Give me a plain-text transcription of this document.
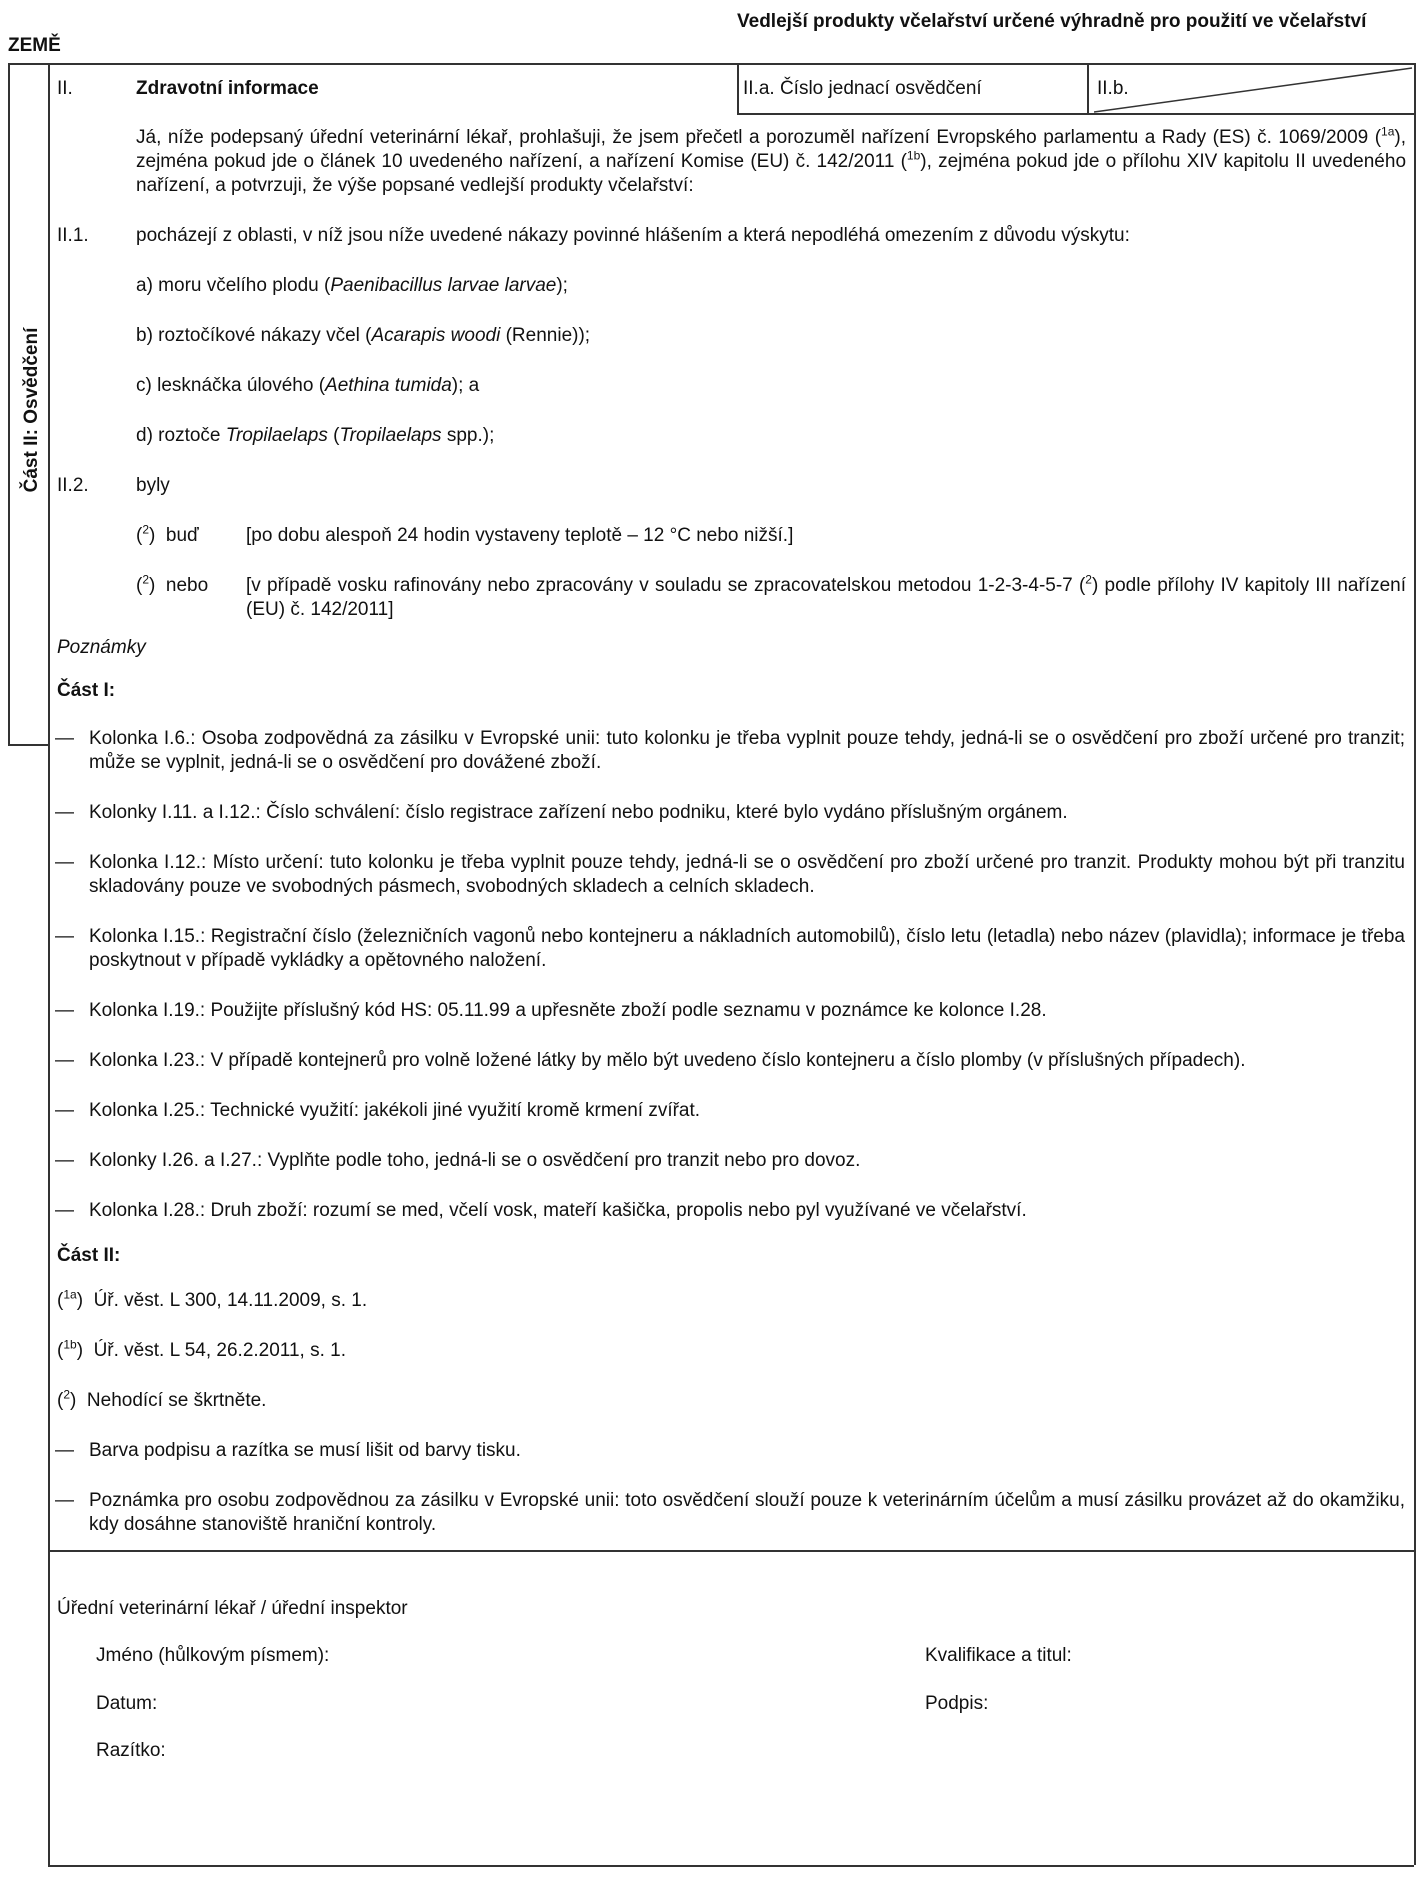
ZEMĚ
Vedlejší produkty včelařství určené výhradně pro použití ve včelařství
Část II: Osvědčení
II.	Zdravotní informace	II.a. Číslo jednací osvědčení	II.b.
Já, níže podepsaný úřední veterinární lékař, prohlašuji, že jsem přečetl a porozuměl nařízení Evropského parlamentu a Rady (ES) č. 1069/2009 ($^{1a}$), zejména pokud jde o článek 10 uvedeného nařízení, a nařízení Komise (EU) č. 142/2011 ($^{1b}$), zejména pokud jde o přílohu XIV kapitolu II uvedeného nařízení, a potvrzuji, že výše popsané vedlejší produkty včelařství:
II.1. pocházejí z oblasti, v níž jsou níže uvedené nákazy povinné hlášením a která nepodléhá omezením z důvodu výskytu:
a) moru včelího plodu (Paenibacillus larvae larvae);
b) roztočíkové nákazy včel (Acarapis woodi (Rennie));
c) lesknáčka úlového (Aethina tumida); a
d) roztoče Tropilaelaps (Tropilaelaps spp.);
II.2. byly
($^2$)  buď [po dobu alespoň 24 hodin vystaveny teplotě – 12 °C nebo nižší.]
($^2$)  nebo [v případě vosku rafinovány nebo zpracovány v souladu se zpracovatelskou metodou 1-2-3-4-5-7 ($^2$) podle přílohy IV kapitoly III nařízení (EU) č. 142/2011]
Poznámky
Část I:
— Kolonka I.6.: Osoba zodpovědná za zásilku v Evropské unii: tuto kolonku je třeba vyplnit pouze tehdy, jedná-li se o osvědčení pro zboží určené pro tranzit; může se vyplnit, jedná-li se o osvědčení pro dovážené zboží.
— Kolonky I.11. a I.12.: Číslo schválení: číslo registrace zařízení nebo podniku, které bylo vydáno příslušným orgánem.
— Kolonka I.12.: Místo určení: tuto kolonku je třeba vyplnit pouze tehdy, jedná-li se o osvědčení pro zboží určené pro tranzit. Produkty mohou být při tranzitu skladovány pouze ve svobodných pásmech, svobodných skladech a celních skladech.
— Kolonka I.15.: Registrační číslo (železničních vagonů nebo kontejneru a nákladních automobilů), číslo letu (letadla) nebo název (plavidla); informace je třeba poskytnout v případě vykládky a opětovného naložení.
— Kolonka I.19.: Použijte příslušný kód HS: 05.11.99 a upřesněte zboží podle seznamu v poznámce ke kolonce I.28.
— Kolonka I.23.: V případě kontejnerů pro volně ložené látky by mělo být uvedeno číslo kontejneru a číslo plomby (v příslušných případech).
— Kolonka I.25.: Technické využití: jakékoli jiné využití kromě krmení zvířat.
— Kolonky I.26. a I.27.: Vyplňte podle toho, jedná-li se o osvědčení pro tranzit nebo pro dovoz.
— Kolonka I.28.: Druh zboží: rozumí se med, včelí vosk, mateří kašička, propolis nebo pyl využívané ve včelařství.
Část II:
($^{1a}$)  Úř. věst. L 300, 14.11.2009, s. 1.
($^{1b}$)  Úř. věst. L 54, 26.2.2011, s. 1.
($^2$)  Nehodící se škrtněte.
— Barva podpisu a razítka se musí lišit od barvy tisku.
— Poznámka pro osobu zodpovědnou za zásilku v Evropské unii: toto osvědčení slouží pouze k veterinárním účelům a musí zásilku provázet až do okamžiku, kdy dosáhne stanoviště hraniční kontroly.
Úřední veterinární lékař / úřední inspektor
Jméno (hůlkovým písmem):	Kvalifikace a titul:
Datum:	Podpis:
Razítko:
